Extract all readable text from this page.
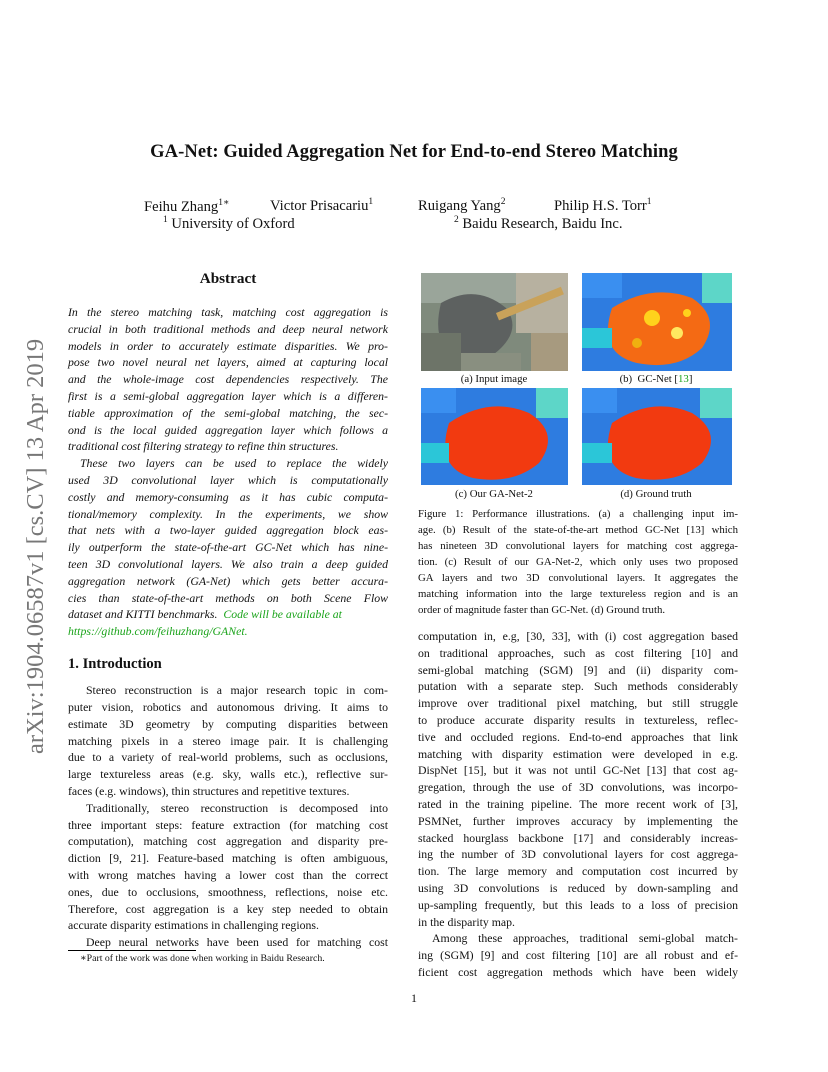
arXiv:1904.06587v1 [cs.CV] 13 Apr 2019
GA-Net: Guided Aggregation Net for End-to-end Stereo Matching
Feihu Zhang$^{1∗}$	Victor Prisacariu$^1$	Ruigang Yang$^2$	Philip H.S. Torr$^1$
$^1$ University of Oxford	$^2$ Baidu Research, Baidu Inc.
Abstract
In the stereo matching task, matching cost aggregation is
crucial in both traditional methods and deep neural network
models in order to accurately estimate disparities. We pro-
pose two novel neural net layers, aimed at capturing local
and the whole-image cost dependencies respectively. The
first is a semi-global aggregation layer which is a differen-
tiable approximation of the semi-global matching, the sec-
ond is the local guided aggregation layer which follows a
traditional cost filtering strategy to refine thin structures.
These two layers can be used to replace the widely
used 3D convolutional layer which is computationally
costly and memory-consuming as it has cubic computa-
tional/memory complexity. In the experiments, we show
that nets with a two-layer guided aggregation block eas-
ily outperform the state-of-the-art GC-Net which has nine-
teen 3D convolutional layers. We also train a deep guided
aggregation network (GA-Net) which gets better accura-
cies than state-of-the-art methods on both Scene Flow
dataset and KITTI benchmarks. Code will be available at
https://github.com/feihuzhang/GANet.
1. Introduction
Stereo reconstruction is a major research topic in com-
puter vision, robotics and autonomous driving. It aims to
estimate 3D geometry by computing disparities between
matching pixels in a stereo image pair. It is challenging
due to a variety of real-world problems, such as occlusions,
large textureless areas (e.g. sky, walls etc.), reflective sur-
faces (e.g. windows), thin structures and repetitive textures.
Traditionally, stereo reconstruction is decomposed into
three important steps: feature extraction (for matching cost
computation), matching cost aggregation and disparity pre-
diction [9, 21]. Feature-based matching is often ambiguous,
with wrong matches having a lower cost than the correct
ones, due to occlusions, smoothness, reflections, noise etc.
Therefore, cost aggregation is a key step needed to obtain
accurate disparity estimations in challenging regions.
Deep neural networks have been used for matching cost
∗Part of the work was done when working in Baidu Research.
(a) Input image	(b)  GC-Net [13]
(c) Our GA-Net-2	(d) Ground truth
Figure 1: Performance illustrations. (a) a challenging input im-
age. (b) Result of the state-of-the-art method GC-Net [13] which
has nineteen 3D convolutional layers for matching cost aggrega-
tion. (c) Result of our GA-Net-2, which only uses two proposed
GA layers and two 3D convolutional layers. It aggregates the
matching information into the large textureless region and is an
order of magnitude faster than GC-Net. (d) Ground truth.
computation in, e.g, [30, 33], with (i) cost aggregation based
on traditional approaches, such as cost filtering [10] and
semi-global matching (SGM) [9] and (ii) disparity com-
putation with a separate step. Such methods considerably
improve over traditional pixel matching, but still struggle
to produce accurate disparity results in textureless, reflec-
tive and occluded regions. End-to-end approaches that link
matching with disparity estimation were developed in e.g.
DispNet [15], but it was not until GC-Net [13] that cost ag-
gregation, through the use of 3D convolutions, was incorpo-
rated in the training pipeline. The more recent work of [3],
PSMNet, further improves accuracy by implementing the
stacked hourglass backbone [17] and considerably increas-
ing the number of 3D convolutional layers for cost aggrega-
tion. The large memory and computation cost incurred by
using 3D convolutions is reduced by down-sampling and
up-sampling frequently, but this leads to a loss of precision
in the disparity map.
Among these approaches, traditional semi-global match-
ing (SGM) [9] and cost filtering [10] are all robust and ef-
ficient cost aggregation methods which have been widely
1
